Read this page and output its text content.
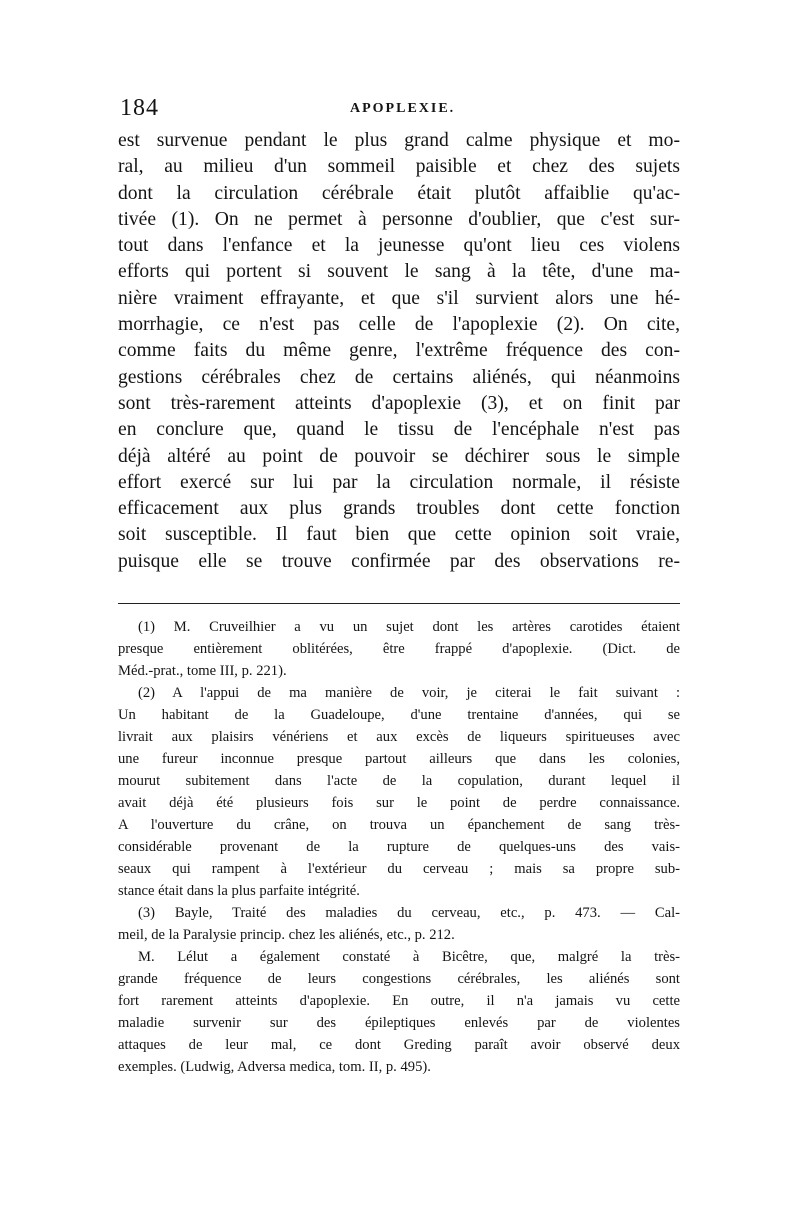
184	APOPLEXIE.
est survenue pendant le plus grand calme physique et mo-
ral, au milieu d'un sommeil paisible et chez des sujets
dont la circulation cérébrale était plutôt affaiblie qu'ac-
tivée (1). On ne permet à personne d'oublier, que c'est sur-
tout dans l'enfance et la jeunesse qu'ont lieu ces violens
efforts qui portent si souvent le sang à la tête, d'une ma-
nière vraiment effrayante, et que s'il survient alors une hé-
morrhagie, ce n'est pas celle de l'apoplexie (2). On cite,
comme faits du même genre, l'extrême fréquence des con-
gestions cérébrales chez de certains aliénés, qui néanmoins
sont très-rarement atteints d'apoplexie (3), et on finit par
en conclure que, quand le tissu de l'encéphale n'est pas
déjà altéré au point de pouvoir se déchirer sous le simple
effort exercé sur lui par la circulation normale, il résiste
efficacement aux plus grands troubles dont cette fonction
soit susceptible. Il faut bien que cette opinion soit vraie,
puisque elle se trouve confirmée par des observations re-
(1) M. Cruveilhier a vu un sujet dont les artères carotides étaient
presque entièrement oblitérées, être frappé d'apoplexie. (Dict. de
Méd.-prat., tome III, p. 221).
(2) A l'appui de ma manière de voir, je citerai le fait suivant :
Un habitant de la Guadeloupe, d'une trentaine d'années, qui se
livrait aux plaisirs vénériens et aux excès de liqueurs spiritueuses avec
une fureur inconnue presque partout ailleurs que dans les colonies,
mourut subitement dans l'acte de la copulation, durant lequel il
avait déjà été plusieurs fois sur le point de perdre connaissance.
A l'ouverture du crâne, on trouva un épanchement de sang très-
considérable provenant de la rupture de quelques-uns des vais-
seaux qui rampent à l'extérieur du cerveau ; mais sa propre sub-
stance était dans la plus parfaite intégrité.
(3) Bayle, Traité des maladies du cerveau, etc., p. 473. — Cal-
meil, de la Paralysie princip. chez les aliénés, etc., p. 212.
M. Lélut a également constaté à Bicêtre, que, malgré la très-
grande fréquence de leurs congestions cérébrales, les aliénés sont
fort rarement atteints d'apoplexie. En outre, il n'a jamais vu cette
maladie survenir sur des épileptiques enlevés par de violentes
attaques de leur mal, ce dont Greding paraît avoir observé deux
exemples. (Ludwig, Adversa medica, tom. II, p. 495).
